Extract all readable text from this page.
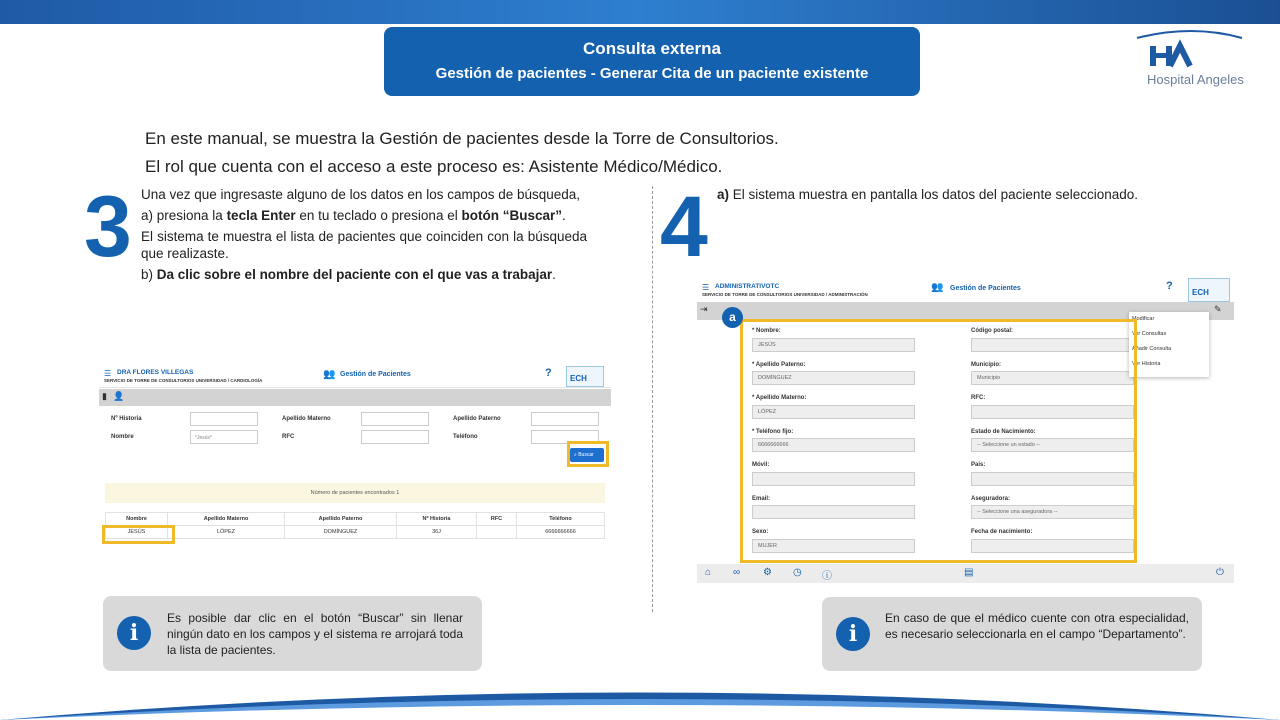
Consulta externa
Gestión de pacientes - Generar Cita de un paciente existente	Hospital Angeles
En este manual, se muestra la Gestión de pacientes desde la Torre de Consultorios.
El rol que cuenta con el acceso a este proceso es: Asistente Médico/Médico.
3 Una vez que ingresaste alguno de los datos en los campos de búsqueda,

a) presiona la tecla Enter en tu teclado o presiona el botón “Buscar”.

El sistema te muestra el lista de pacientes que coinciden con la búsqueda que realizaste.

b) Da clic sobre el nombre del paciente con el que vas a trabajar.	4 a) El sistema muestra en pantalla los datos del paciente seleccionado.
☰ DRA FLORES VILLEGAS
SERVICIO DE TORRE DE CONSULTORIOS UNIVERSIDAD / CARDIOLOGÍA
👥 Gestión de Pacientes	?	ECH
▮ 👤
Nº Historia	Apellido Materno	Apellido Paterno
Nombre	*Jesús*	RFC	Teléfono
⌕ Buscar
Número de pacientes encontrados 1
Nombre	Apellido Materno	Apellido Paterno	Nº Historia	RFC	Teléfono
JESÚS	LÓPEZ	DOMÍNGUEZ	36J		6666666666
☰ ADMINISTRATIVOTC
SERVICIO DE TORRE DE CONSULTORIOS UNIVERSIDAD / ADMINISTRACIÓN
👥 Gestión de Pacientes	?
ECH
⇥	✎
* Nombre:
JESÚS
* Apellido Paterno:
DOMÍNGUEZ
* Apellido Materno:
LÓPEZ
* Teléfono fijo:
6666666666
Móvil:
Email:
Sexo:
MUJER
Código postal:
Municipio:
Municipio
RFC:
Estado de Nacimiento:
-- Seleccione un estado --
País:
Aseguradora:
-- Seleccione una aseguradora --
Fecha de nacimiento:
Modificar
Ver Consultas
Añadir Consulta
Ver Historia
⌂ ∞ ⚙ ◷ ⓘ	▤	⏻
a
i
Es posible dar clic en el botón “Buscar” sin llenar ningún dato en los campos y el sistema re arrojará toda la lista de pacientes.
i
En caso de que el médico cuente con otra especialidad, es necesario seleccionarla en el campo “Departamento”.
